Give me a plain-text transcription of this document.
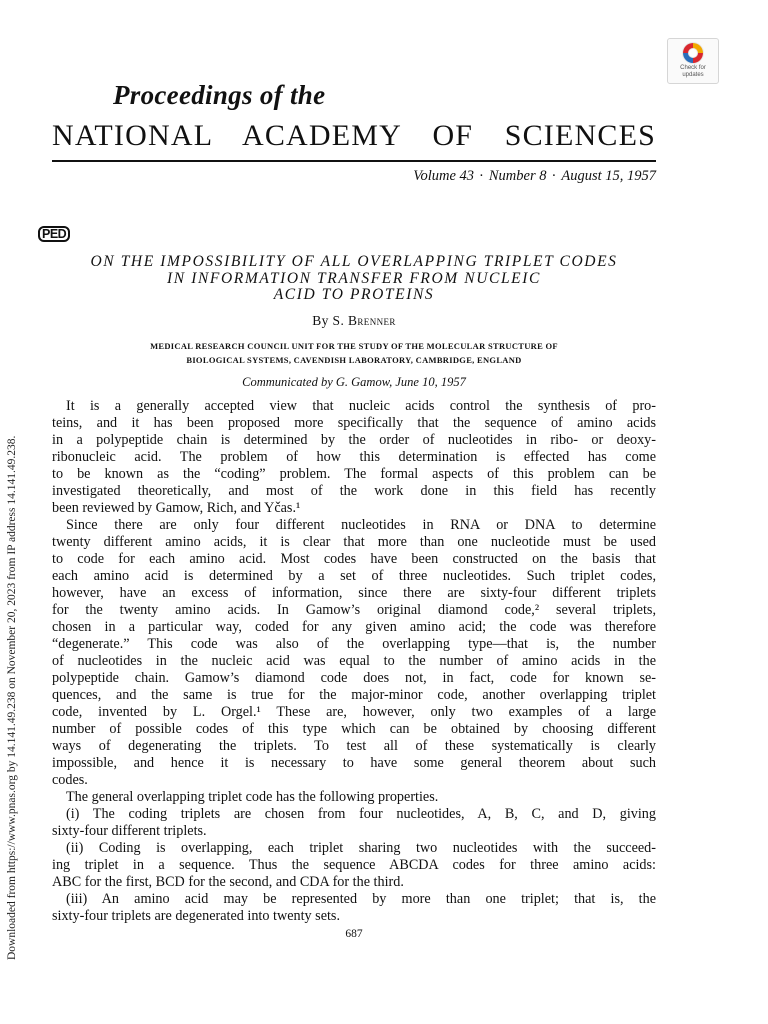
Check for
updates
Proceedings of the
NATIONAL ACADEMY OF SCIENCES
Volume 43 · Number 8 · August 15, 1957
PED
ON THE IMPOSSIBILITY OF ALL OVERLAPPING TRIPLET CODES
IN INFORMATION TRANSFER FROM NUCLEIC
ACID TO PROTEINS
By S. Brenner
MEDICAL RESEARCH COUNCIL UNIT FOR THE STUDY OF THE MOLECULAR STRUCTURE OF
BIOLOGICAL SYSTEMS, CAVENDISH LABORATORY, CAMBRIDGE, ENGLAND
Communicated by G. Gamow, June 10, 1957
It is a generally accepted view that nucleic acids control the synthesis of pro-
teins, and it has been proposed more specifically that the sequence of amino acids
in a polypeptide chain is determined by the order of nucleotides in ribo- or deoxy-
ribonucleic acid. The problem of how this determination is effected has come
to be known as the “coding” problem. The formal aspects of this problem can be
investigated theoretically, and most of the work done in this field has recently
been reviewed by Gamow, Rich, and Yčas.¹
Since there are only four different nucleotides in RNA or DNA to determine
twenty different amino acids, it is clear that more than one nucleotide must be used
to code for each amino acid. Most codes have been constructed on the basis that
each amino acid is determined by a set of three nucleotides. Such triplet codes,
however, have an excess of information, since there are sixty-four different triplets
for the twenty amino acids. In Gamow’s original diamond code,² several triplets,
chosen in a particular way, coded for any given amino acid; the code was therefore
“degenerate.” This code was also of the overlapping type—that is, the number
of nucleotides in the nucleic acid was equal to the number of amino acids in the
polypeptide chain. Gamow’s diamond code does not, in fact, code for known se-
quences, and the same is true for the major-minor code, another overlapping triplet
code, invented by L. Orgel.¹ These are, however, only two examples of a large
number of possible codes of this type which can be obtained by choosing different
ways of degenerating the triplets. To test all of these systematically is clearly
impossible, and hence it is necessary to have some general theorem about such
codes.
The general overlapping triplet code has the following properties.
(i) The coding triplets are chosen from four nucleotides, A, B, C, and D, giving
sixty-four different triplets.
(ii) Coding is overlapping, each triplet sharing two nucleotides with the succeed-
ing triplet in a sequence. Thus the sequence ABCDA codes for three amino acids:
ABC for the first, BCD for the second, and CDA for the third.
(iii) An amino acid may be represented by more than one triplet; that is, the
sixty-four triplets are degenerated into twenty sets.
687
Downloaded from https://www.pnas.org by 14.141.49.238 on November 20, 2023 from IP address 14.141.49.238.
